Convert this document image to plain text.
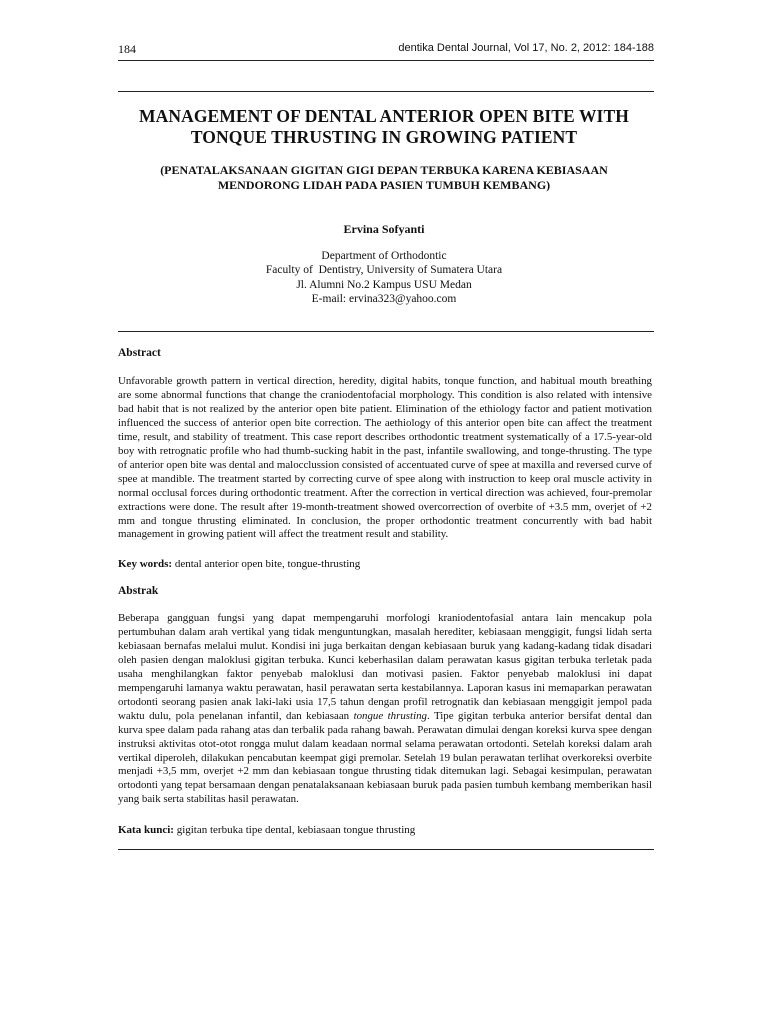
184	dentika Dental Journal, Vol 17, No. 2, 2012: 184-188
MANAGEMENT OF DENTAL ANTERIOR OPEN BITE WITH
TONQUE THRUSTING IN GROWING PATIENT
(PENATALAKSANAAN GIGITAN GIGI DEPAN TERBUKA KARENA KEBIASAAN
MENDORONG LIDAH PADA PASIEN TUMBUH KEMBANG)
Ervina Sofyanti
Department of Orthodontic
Faculty of  Dentistry, University of Sumatera Utara
Jl. Alumni No.2 Kampus USU Medan
E-mail: ervina323@yahoo.com
Abstract

Unfavorable growth pattern in vertical direction, heredity, digital habits, tonque function, and habitual mouth breathing are some abnormal functions that change the craniodentofacial morphology. This condition is also related with intensive bad habit that is not realized by the anterior open bite patient. Elimination of the ethiology factor and patient motivation influenced the success of anterior open bite correction. The aethiology of this anterior open bite can affect the treatment time, result, and stability of treatment. This case report describes orthodontic treatment systematically of a 17.5-year-old boy with retrognatic profile who had thumb-sucking habit in the past, infantile swallowing, and tonge-thrusting. The type of anterior open bite was dental and malocclussion consisted of accentuated curve of spee at maxilla and reversed curve of spee at mandible. The treatment started by correcting curve of spee along with instruction to keep oral muscle activity in normal occlusal forces during orthodontic treatment. After the correction in vertical direction was achieved, four-premolar extractions were done. The result after 19-month-treatment showed overcorrection of overbite of +3.5 mm, overjet of +2 mm and tongue thrusting eliminated. In conclusion, the proper orthodontic treatment concurrently with bad habit management in growing patient will affect the treatment result and stability.

Key words: dental anterior open bite, tongue-thrusting
Abstrak

Beberapa gangguan fungsi yang dapat mempengaruhi morfologi kraniodentofasial antara lain mencakup pola pertumbuhan dalam arah vertikal yang tidak menguntungkan, masalah herediter, kebiasaan menggigit, fungsi lidah serta kebiasaan bernafas melalui mulut. Kondisi ini juga berkaitan dengan kebiasaan buruk yang kadang-kadang tidak disadari oleh pasien dengan maloklusi gigitan terbuka. Kunci keberhasilan dalam perawatan kasus gigitan terbuka terletak pada usaha menghilangkan faktor penyebab maloklusi dan motivasi pasien. Faktor penyebab maloklusi ini dapat mempengaruhi lamanya waktu perawatan, hasil perawatan serta kestabilannya. Laporan kasus ini memaparkan perawatan ortodonti seorang pasien anak laki-laki usia 17,5 tahun dengan profil retrognatik dan kebiasaan menggigit jempol pada waktu dulu, pola penelanan infantil, dan kebiasaan tongue thrusting. Tipe gigitan terbuka anterior bersifat dental dan kurva spee dalam pada rahang atas dan terbalik pada rahang bawah. Perawatan dimulai dengan koreksi kurva spee dengan instruksi aktivitas otot-otot rongga mulut dalam keadaan normal selama perawatan ortodonti. Setelah koreksi dalam arah vertikal diperoleh, dilakukan pencabutan keempat gigi premolar. Setelah 19 bulan perawatan terlihat overkoreksi overbite menjadi +3,5 mm, overjet +2 mm dan kebiasaan tongue thrusting tidak ditemukan lagi. Sebagai kesimpulan, perawatan ortodonti yang tepat bersamaan dengan penatalaksanaan kebiasaan buruk pada pasien tumbuh kembang memberikan hasil yang baik serta stabilitas hasil perawatan.

Kata kunci: gigitan terbuka tipe dental, kebiasaan tongue thrusting
